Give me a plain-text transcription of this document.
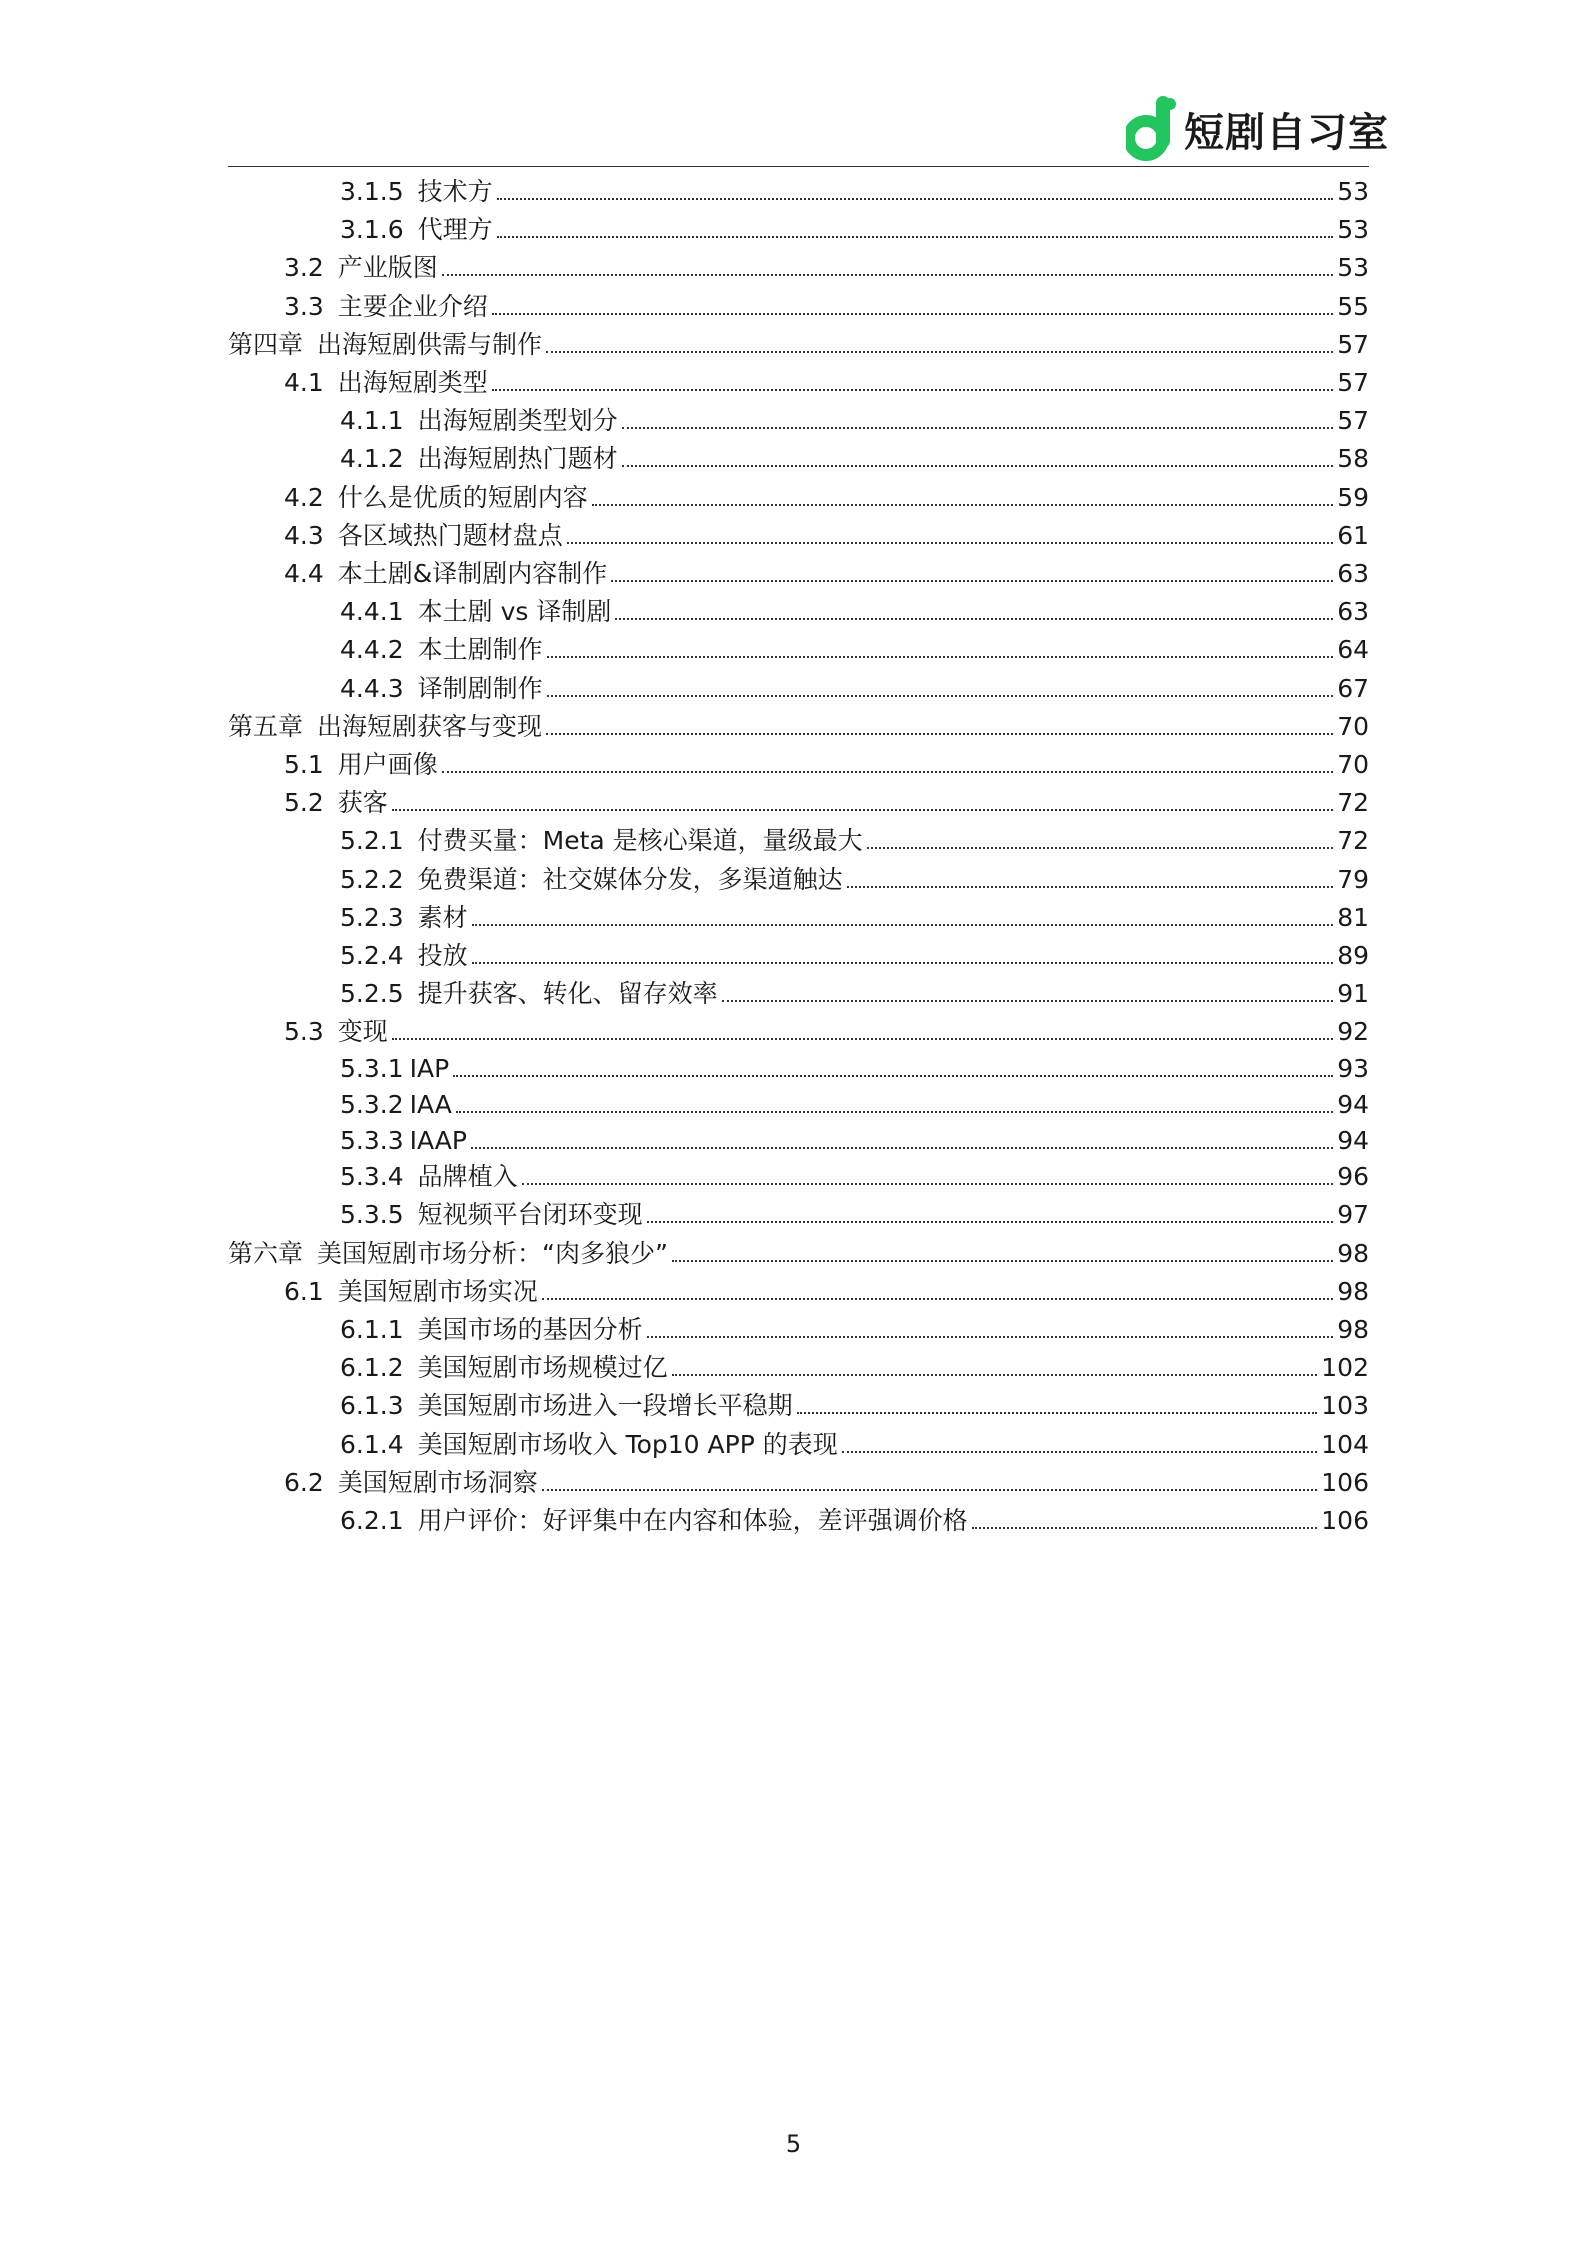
短剧自习室
3.1.5 技术方	53
3.1.6 代理方	53
3.2 产业版图	53
3.3 主要企业介绍	55
第四章 出海短剧供需与制作	57
4.1 出海短剧类型	57
4.1.1 出海短剧类型划分	57
4.1.2 出海短剧热门题材	58
4.2 什么是优质的短剧内容	59
4.3 各区域热门题材盘点	61
4.4 本土剧&译制剧内容制作	63
4.4.1 本土剧 vs 译制剧	63
4.4.2 本土剧制作	64
4.4.3 译制剧制作	67
第五章 出海短剧获客与变现	70
5.1 用户画像	70
5.2 获客	72
5.2.1 付费买量：Meta 是核心渠道，量级最大	72
5.2.2 免费渠道：社交媒体分发，多渠道触达	79
5.2.3 素材	81
5.2.4 投放	89
5.2.5 提升获客、转化、留存效率	91
5.3 变现	92
5.3.1 IAP	93
5.3.2 IAA	94
5.3.3 IAAP	94
5.3.4 品牌植入	96
5.3.5 短视频平台闭环变现	97
第六章 美国短剧市场分析：“肉多狼少”	98
6.1 美国短剧市场实况	98
6.1.1 美国市场的基因分析	98
6.1.2 美国短剧市场规模过亿	102
6.1.3 美国短剧市场进入一段增长平稳期	103
6.1.4 美国短剧市场收入 Top10 APP 的表现	104
6.2 美国短剧市场洞察	106
6.2.1 用户评价：好评集中在内容和体验，差评强调价格	106
5
